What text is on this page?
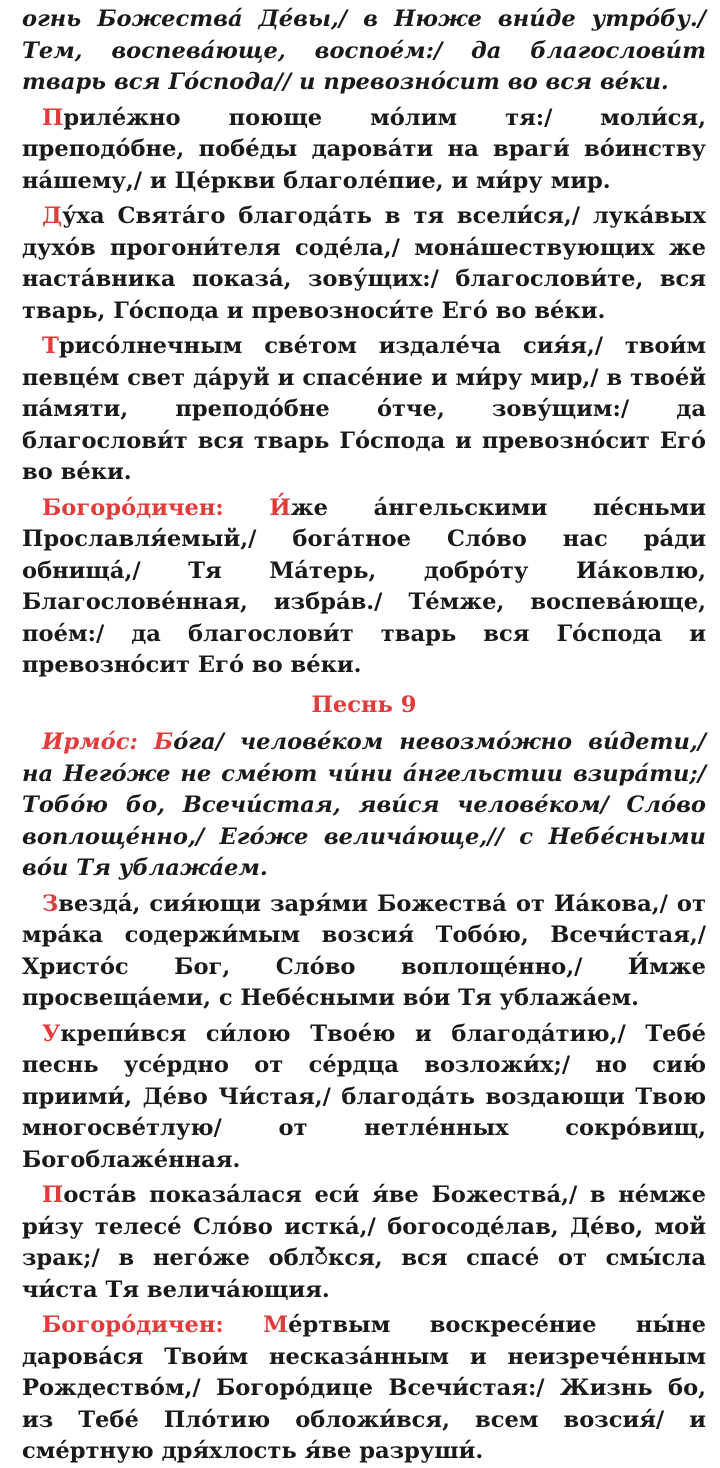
огнь Божества́ Де́вы,/ в Нюже вни́де утро́бу./ Тем, воспева́юще, воспое́м:/ да благослови́т тварь вся Го́спода// и превозно́сит во вся ве́ки.

Приле́жно поюще мо́лим тя:/ моли́ся, преподо́бне, побе́ды дарова́ти на враги́ во́инству на́шему,/ и Це́ркви благоле́пие, и ми́ру мир.

Ду́ха Свята́го благода́ть в тя всели́ся,/ лука́вых духо́в прогони́теля соде́ла,/ мона́шествующих же наста́вника показа́, зову́щих:/ благослови́те, вся тварь, Го́спода и превозноси́те Его́ во ве́ки.

Трисо́лнечным све́том издале́ча сия́я,/ твои́м певце́м свет да́руй и спасе́ние и ми́ру мир,/ в твое́й па́мяти, преподо́бне о́тче, зову́щим:/ да благослови́т вся тварь Го́спода и превозно́сит Его́ во ве́ки.

Богоро́дичен: И́же а́нгельскими пе́сньми Прославля́емый,/ бога́тное Сло́во нас ра́ди обнища́,/ Тя Ма́терь, добро́ту Иа́ковлю, Благослове́нная, избра́в./ Те́мже, воспева́юще, пое́м:/ да благослови́т тварь вся Го́спода и превозно́сит Его́ во ве́ки.

Песнь 9

Ирмо́с: Бо́га/ челове́ком невозмо́жно ви́дети,/ на Него́же не сме́ют чи́ни а́нгельстии взира́ти;/ Тобо́ю бо, Всечи́стая, яви́ся челове́ком/ Сло́во воплоще́нно,/ Его́же велича́юще,// с Небе́сными во́и Тя ублажа́ем.

Звезда́, сия́ющи заря́ми Божества́ от Иа́кова,/ от мра́ка содержи́мым возсия́ Тобо́ю, Всечи́стая,/ Христо́с Бог, Сло́во воплоще́нно,/ И́мже просвеща́еми, с Небе́сными во́и Тя ублажа́ем.

Укрепи́вся си́лою Твое́ю и благода́тию,/ Тебе́ песнь усе́рдно от се́рдца возложи́х;/ но сию́ приими́, Де́во Чи́стая,/ благода́ть воздающи Твою многосве́тлую/ от нетле́нных сокро́вищ, Богоблаже́нная.

Поста́в показа́лася еси́ я́ве Божества́,/ в не́мже ри́зу телесе́ Сло́во истка́,/ богосоде́лав, Де́во, мой зрак;/ в него́же облे́кся, вся спасе́ от смы́сла чи́ста Тя велича́ющия.

Богоро́дичен: Ме́ртвым воскресе́ние ны́не дарова́ся Твои́м несказа́нным и неизрече́нным Рождество́м,/ Богоро́дице Всечи́стая:/ Жизнь бо, из Тебе́ Пло́тию обложи́вся, всем возсия́/ и сме́ртную дря́хлость я́ве разруши́.
